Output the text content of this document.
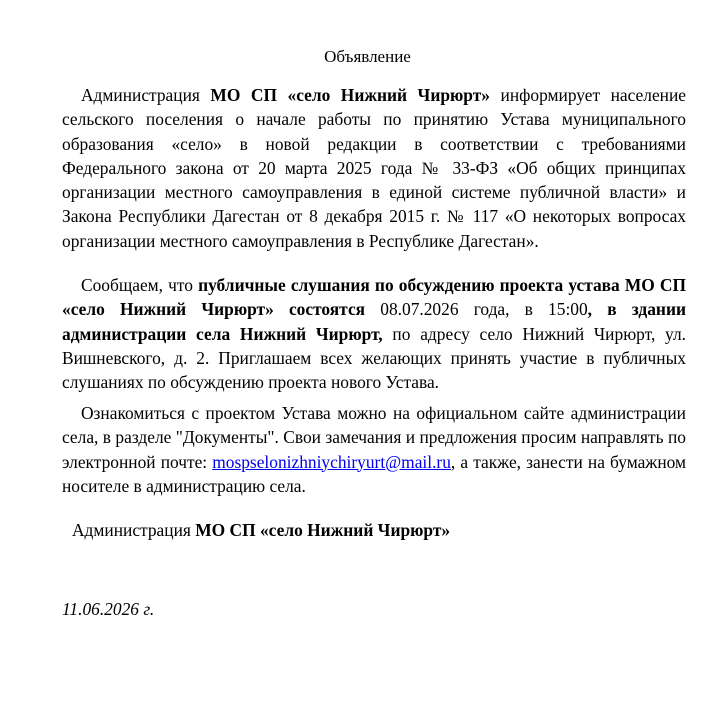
Объявление

Администрация МО СП «село Нижний Чирюрт» информирует население сельского поселения о начале работы по принятию Устава муниципального образования «село» в новой редакции в соответствии с требованиями Федерального закона от 20 марта 2025 года № 33-ФЗ «Об общих принципах организации местного самоуправления в единой системе публичной власти» и Закона Республики Дагестан от 8 декабря 2015 г. № 117 «О некоторых вопросах организации местного самоуправления в Республике Дагестан».

Сообщаем, что публичные слушания по обсуждению проекта устава МО СП «село Нижний Чирюрт» состоятся 08.07.2026 года, в 15:00, в здании администрации села Нижний Чирюрт, по адресу село Нижний Чирюрт, ул. Вишневского, д. 2. Приглашаем всех желающих принять участие в публичных слушаниях по обсуждению проекта нового Устава.

Ознакомиться с проектом Устава можно на официальном сайте администрации села, в разделе "Документы". Свои замечания и предложения просим направлять по электронной почте: mospselonizhniychiryurt@mail.ru, а также, занести на бумажном носителе в администрацию села.

Администрация МО СП «село Нижний Чирюрт»
11.06.2026 г.
